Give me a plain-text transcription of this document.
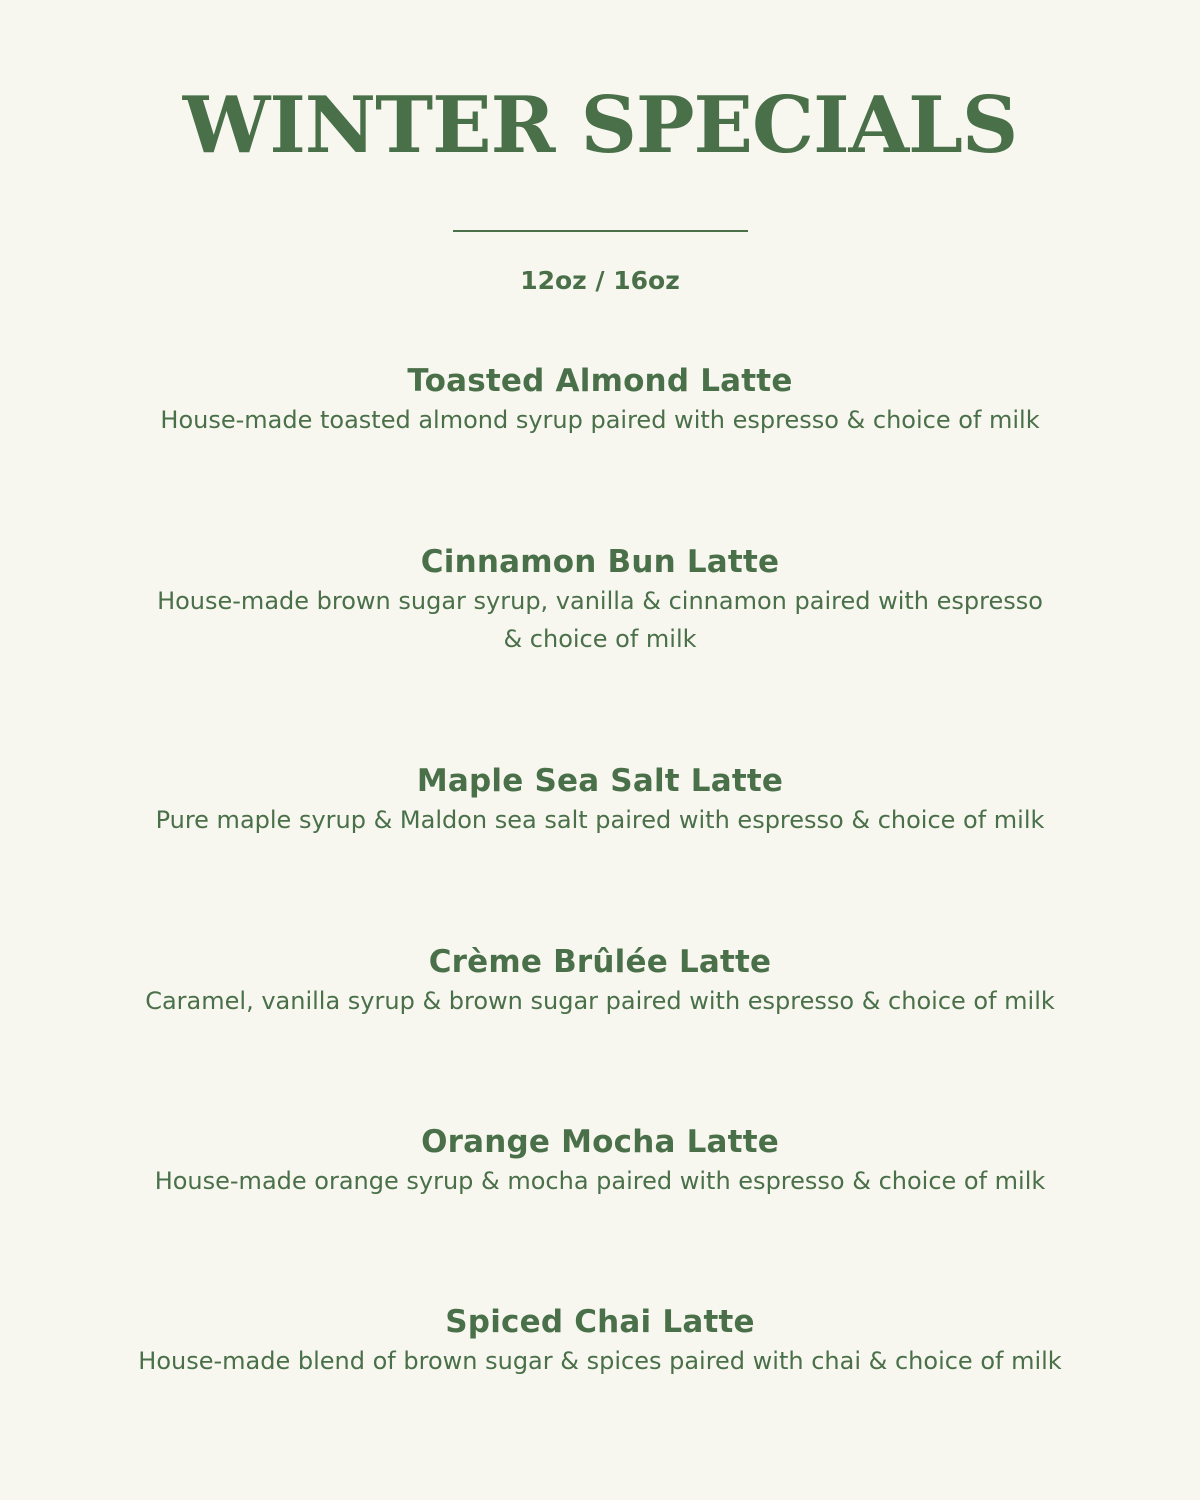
WINTER SPECIALS
12oz / 16oz
Toasted Almond Latte
House-made toasted almond syrup paired with espresso & choice of milk
Cinnamon Bun Latte
House-made brown sugar syrup, vanilla & cinnamon paired with espresso & choice of milk
Maple Sea Salt Latte
Pure maple syrup & Maldon sea salt paired with espresso & choice of milk
Crème Brûlée Latte
Caramel, vanilla syrup & brown sugar paired with espresso & choice of milk
Orange Mocha Latte
House-made orange syrup & mocha paired with espresso & choice of milk
Spiced Chai Latte
House-made blend of brown sugar & spices paired with chai & choice of milk
